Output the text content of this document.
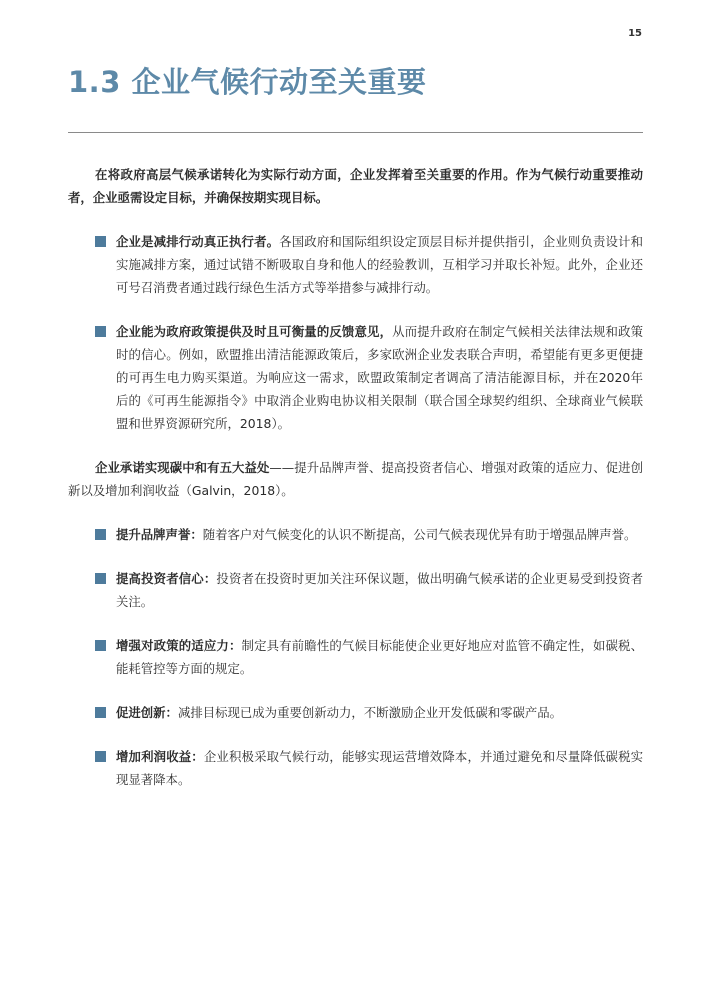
15
1.3 企业气候行动至关重要

在将政府高层气候承诺转化为实际行动方面，企业发挥着至关重要的作用。作为气候行动重要推动者，企业亟需设定目标，并确保按期实现目标。

企业是减排行动真正执行者。各国政府和国际组织设定顶层目标并提供指引，企业则负责设计和实施减排方案，通过试错不断吸取自身和他人的经验教训，互相学习并取长补短。此外，企业还可号召消费者通过践行绿色生活方式等举措参与减排行动。
企业能为政府政策提供及时且可衡量的反馈意见，从而提升政府在制定气候相关法律法规和政策时的信心。例如，欧盟推出清洁能源政策后，多家欧洲企业发表联合声明，希望能有更多更便捷的可再生电力购买渠道。为响应这一需求，欧盟政策制定者调高了清洁能源目标，并在2020年后的《可再生能源指令》中取消企业购电协议相关限制（联合国全球契约组织、全球商业气候联盟和世界资源研究所，2018）。

企业承诺实现碳中和有五大益处——提升品牌声誉、提高投资者信心、增强对政策的适应力、促进创新以及增加利润收益（Galvin，2018）。

提升品牌声誉：随着客户对气候变化的认识不断提高，公司气候表现优异有助于增强品牌声誉。
提高投资者信心：投资者在投资时更加关注环保议题，做出明确气候承诺的企业更易受到投资者关注。
增强对政策的适应力：制定具有前瞻性的气候目标能使企业更好地应对监管不确定性，如碳税、能耗管控等方面的规定。
促进创新：减排目标现已成为重要创新动力，不断激励企业开发低碳和零碳产品。
增加利润收益：企业积极采取气候行动，能够实现运营增效降本，并通过避免和尽量降低碳税实现显著降本。
